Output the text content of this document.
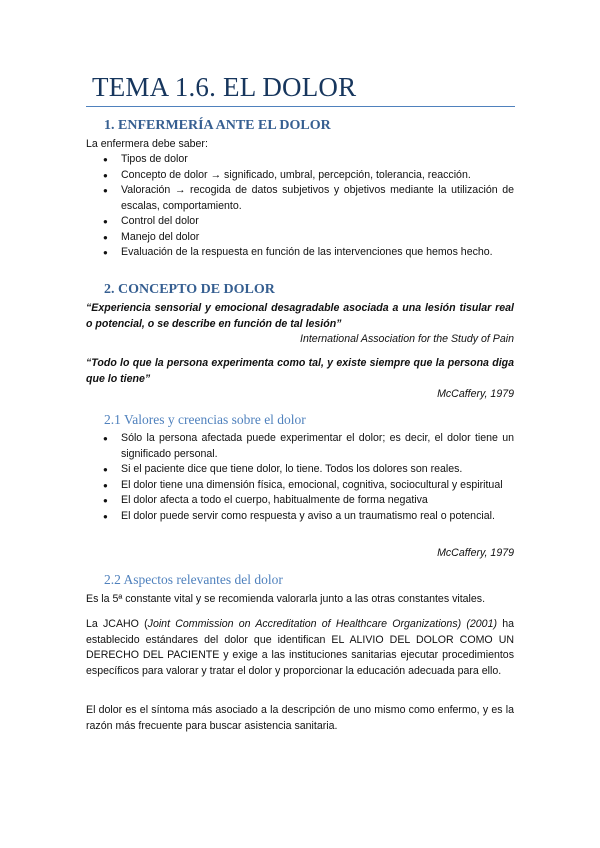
TEMA 1.6. EL DOLOR
1. ENFERMERÍA ANTE EL DOLOR

La enfermera debe saber:

● Tipos de dolor
● Concepto de dolor → significado, umbral, percepción, tolerancia, reacción.
● Valoración → recogida de datos subjetivos y objetivos mediante la utilización de escalas, comportamiento.
● Control del dolor
● Manejo del dolor
● Evaluación de la respuesta en función de las intervenciones que hemos hecho.
2. CONCEPTO DE DOLOR

“Experiencia sensorial y emocional desagradable asociada a una lesión tisular real o potencial, o se describe en función de tal lesión”

International Association for the Study of Pain

“Todo lo que la persona experimenta como tal, y existe siempre que la persona diga que lo tiene”

McCaffery, 1979

2.1 Valores y creencias sobre el dolor
● Sólo la persona afectada puede experimentar el dolor; es decir, el dolor tiene un significado personal.
● Si el paciente dice que tiene dolor, lo tiene. Todos los dolores son reales.
● El dolor tiene una dimensión física, emocional, cognitiva, sociocultural y espiritual
● El dolor afecta a todo el cuerpo, habitualmente de forma negativa
● El dolor puede servir como respuesta y aviso a un traumatismo real o potencial.

McCaffery, 1979

2.2 Aspectos relevantes del dolor

Es la 5ª constante vital y se recomienda valorarla junto a las otras constantes vitales.

La JCAHO (Joint Commission on Accreditation of Healthcare Organizations) (2001) ha establecido estándares del dolor que identifican EL ALIVIO DEL DOLOR COMO UN DERECHO DEL PACIENTE y exige a las instituciones sanitarias ejecutar procedimientos específicos para valorar y tratar el dolor y proporcionar la educación adecuada para ello.

El dolor es el síntoma más asociado a la descripción de uno mismo como enfermo, y es la razón más frecuente para buscar asistencia sanitaria.
